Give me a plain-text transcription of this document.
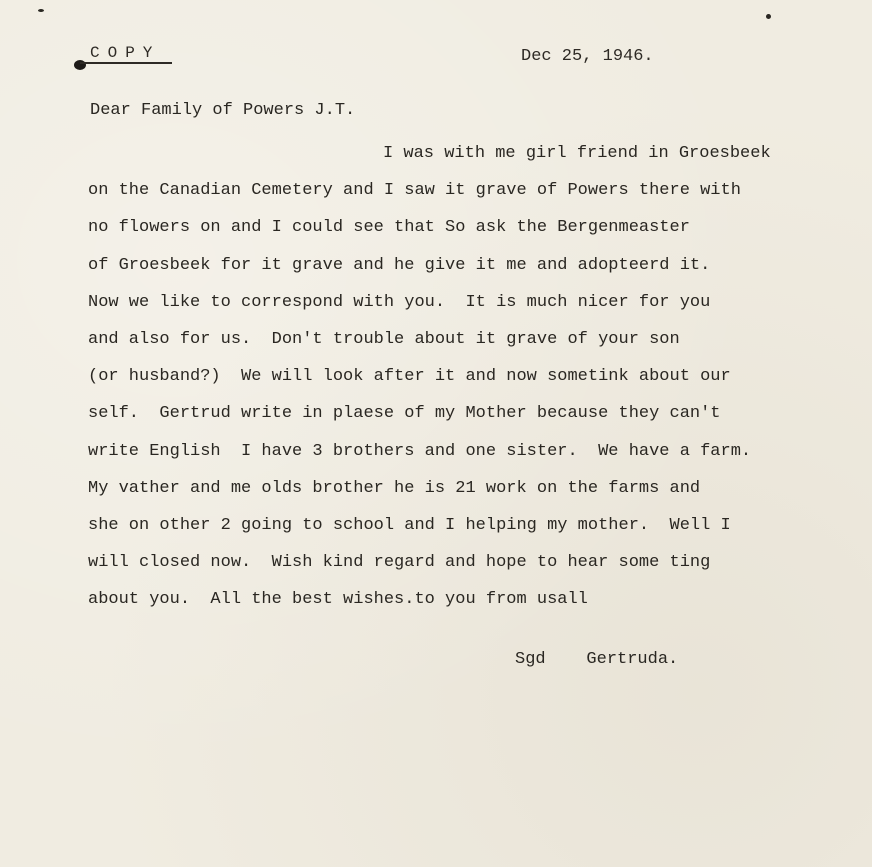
COPY	Dec 25, 1946.
Dear Family of Powers J.T.
I was with me girl friend in Groesbeek
on the Canadian Cemetery and I saw it grave of Powers there with
no flowers on and I could see that So ask the Bergenmeaster
of Groesbeek for it grave and he give it me and adopteerd it.
Now we like to correspond with you.  It is much nicer for you
and also for us.  Don't trouble about it grave of your son
(or husband?)  We will look after it and now sometink about our
self.  Gertrud write in plaese of my Mother because they can't
write English  I have 3 brothers and one sister.  We have a farm.
My vather and me olds brother he is 21 work on the farms and
she on other 2 going to school and I helping my mother.  Well I
will closed now.  Wish kind regard and hope to hear some ting
about you.  All the best wishes.to you from usall
Sgd    Gertruda.
